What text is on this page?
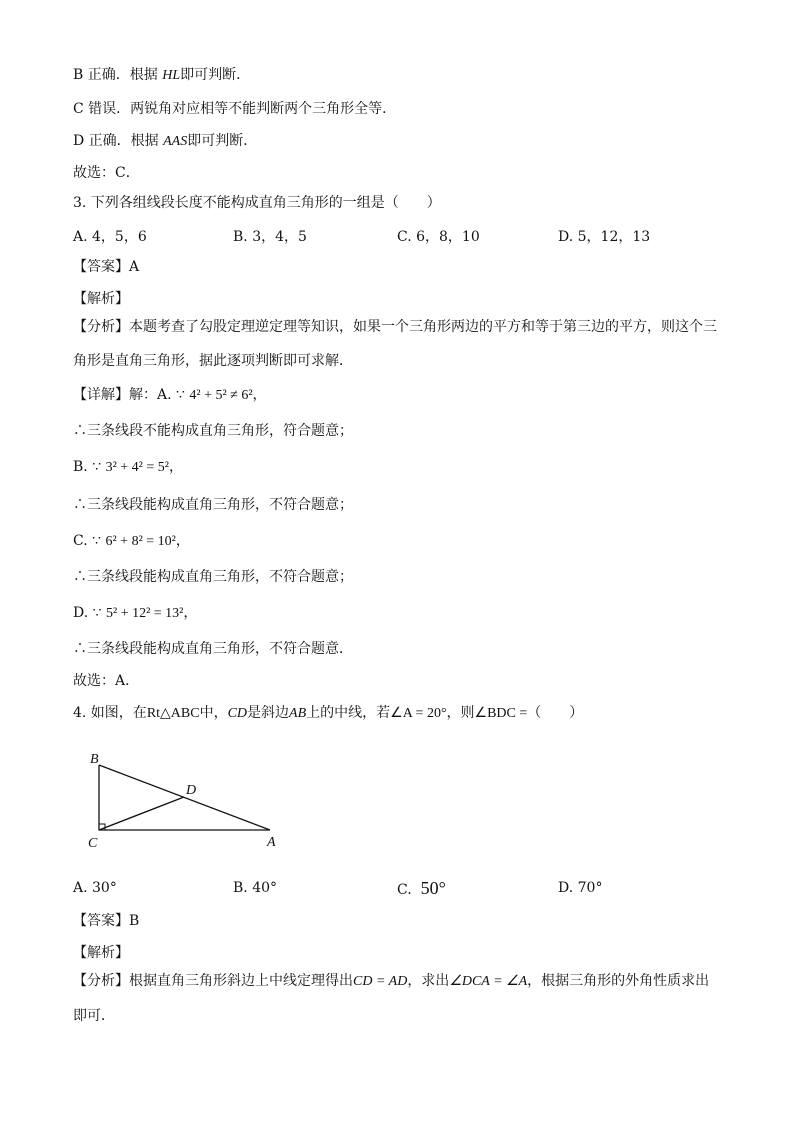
B 正确．根据 HL即可判断．
C 错误．两锐角对应相等不能判断两个三角形全等．
D 正确．根据 AAS即可判断．
故选：C．
3. 下列各组线段长度不能构成直角三角形的一组是（　　）
A. 4，5，6	B. 3，4，5	C. 6，8，10	D. 5，12，13
【答案】A
【解析】
【分析】本题考查了勾股定理逆定理等知识，如果一个三角形两边的平方和等于第三边的平方，则这个三角形是直角三角形，据此逐项判断即可求解．
【详解】解：A. ∵ 4² + 5² ≠ 6²，
∴三条线段不能构成直角三角形，符合题意；
B. ∵ 3² + 4² = 5²，
∴三条线段能构成直角三角形，不符合题意；
C. ∵ 6² + 8² = 10²，
∴三条线段能构成直角三角形，不符合题意；
D. ∵ 5² + 12² = 13²，
∴三条线段能构成直角三角形，不符合题意．
故选：A．
4. 如图，在Rt△ABC中，CD是斜边AB上的中线，若∠A = 20°，则∠BDC =（　　）
B
C
D
A
A. 30°	B. 40°	C. 50°	D. 70°
【答案】B
【解析】
【分析】根据直角三角形斜边上中线定理得出CD = AD，求出∠DCA = ∠A，根据三角形的外角性质求出即可．
